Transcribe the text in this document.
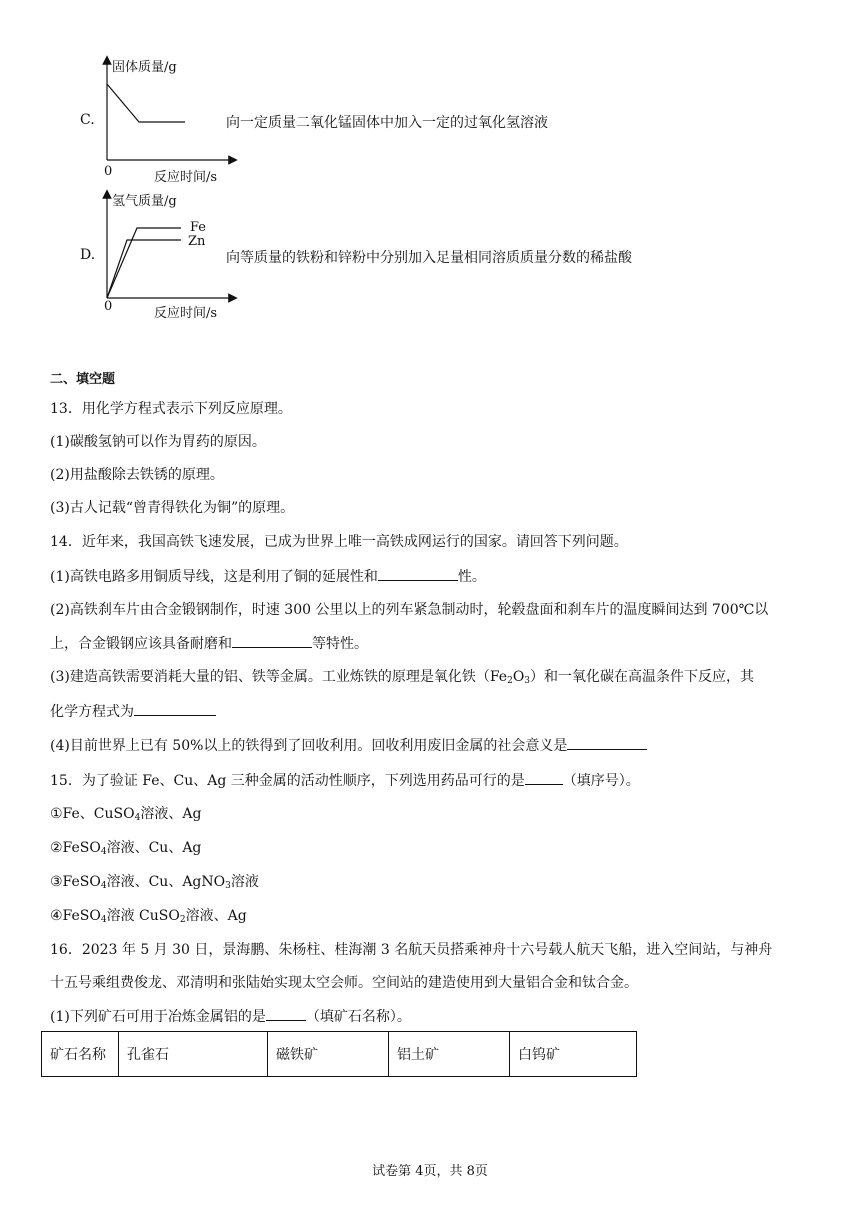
C.
固体质量/g
0	反应时间/s
向一定质量二氧化锰固体中加入一定的过氧化氢溶液
D.
氢气质量/g
Fe
Zn
0	反应时间/s
向等质量的铁粉和锌粉中分别加入足量相同溶质质量分数的稀盐酸
二、填空题
13．用化学方程式表示下列反应原理。
(1)碳酸氢钠可以作为胃药的原因。
(2)用盐酸除去铁锈的原理。
(3)古人记载“曾青得铁化为铜”的原理。
14．近年来，我国高铁飞速发展，已成为世界上唯一高铁成网运行的国家。请回答下列问题。
(1)高铁电路多用铜质导线，这是利用了铜的延展性和	性。
(2)高铁刹车片由合金锻钢制作，时速 300 公里以上的列车紧急制动时，轮毂盘面和刹车片的温度瞬间达到 700℃以
上，合金锻钢应该具备耐磨和	等特性。
(3)建造高铁需要消耗大量的铝、铁等金属。工业炼铁的原理是氧化铁$(Fe_2O_3)$和一氧化碳在高温条件下反应，其
化学方程式为
(4)目前世界上已有 50%以上的铁得到了回收利用。回收利用废旧金属的社会意义是
15．为了验证 Fe、Cu、Ag 三种金属的活动性顺序，下列选用药品可行的是	（填序号）。
①Fe、CuSO$_4$溶液、Ag
②FeSO$_4$溶液、Cu、Ag
③FeSO$_4$溶液、Cu、AgNO$_3$溶液
④FeSO$_4$溶液 CuSO$_2$溶液、Ag
16．2023 年 5 月 30 日，景海鹏、朱杨柱、桂海潮 3 名航天员搭乘神舟十六号载人航天飞船，进入空间站，与神舟
十五号乘组费俊龙、邓清明和张陆始实现太空会师。空间站的建造使用到大量铝合金和钛合金。
(1)下列矿石可用于冶炼金属铝的是	（填矿石名称）。
矿石名称	孔雀石	磁铁矿	铝土矿	白钨矿
试卷第 4页，共 8页
